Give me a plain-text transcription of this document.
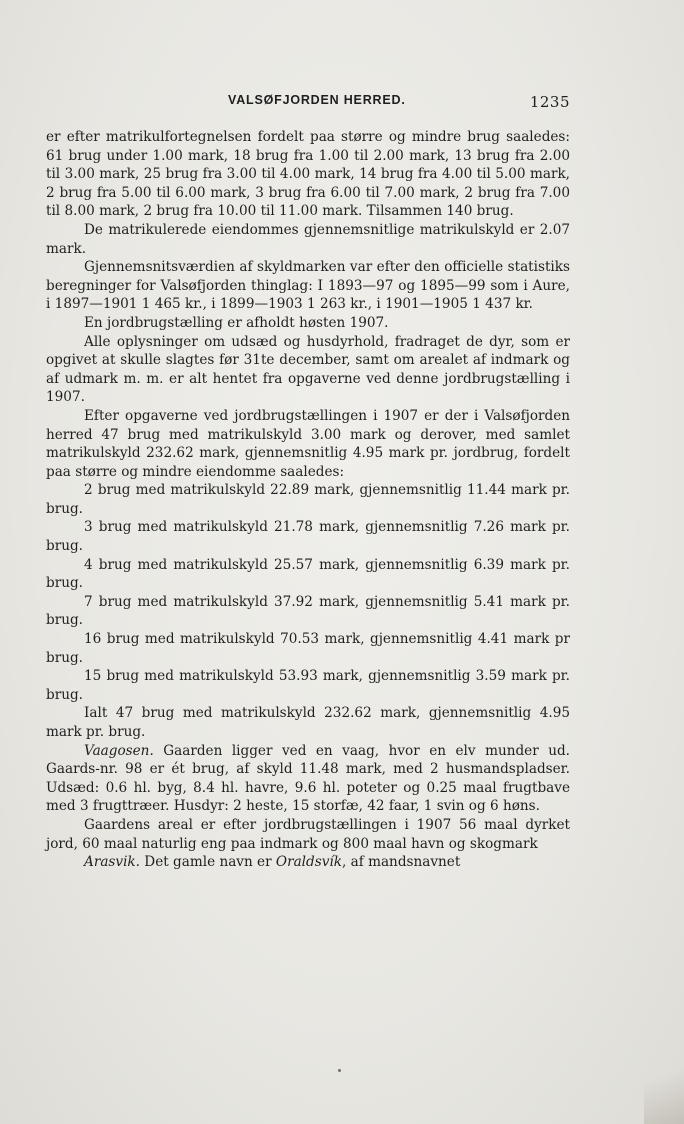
VALSØFJORDEN HERRED.	1235

er efter matrikulfortegnelsen fordelt paa større og mindre brug saaledes: 61 brug under 1.00 mark, 18 brug fra 1.00 til 2.00 mark, 13 brug fra 2.00 til 3.00 mark, 25 brug fra 3.00 til 4.00 mark, 14 brug fra 4.00 til 5.00 mark, 2 brug fra 5.00 til 6.00 mark, 3 brug fra 6.00 til 7.00 mark, 2 brug fra 7.00 til 8.00 mark, 2 brug fra 10.00 til 11.00 mark. Tilsammen 140 brug.

De matrikulerede eiendommes gjennemsnitlige matrikulskyld er 2.07 mark.

Gjennemsnitsværdien af skyldmarken var efter den officielle statistiks beregninger for Valsøfjorden thinglag: I 1893—97 og 1895—99 som i Aure, i 1897—1901 1 465 kr., i 1899—1903 1 263 kr., i 1901—1905 1 437 kr.

En jordbrugstælling er afholdt høsten 1907.

Alle oplysninger om udsæd og husdyrhold, fradraget de dyr, som er opgivet at skulle slagtes før 31te december, samt om arealet af indmark og af udmark m. m. er alt hentet fra opgaverne ved denne jordbrugstælling i 1907.

Efter opgaverne ved jordbrugstællingen i 1907 er der i Valsøfjorden herred 47 brug med matrikulskyld 3.00 mark og derover, med samlet matrikulskyld 232.62 mark, gjennemsnitlig 4.95 mark pr. jordbrug, fordelt paa større og mindre eiendomme saaledes:

2 brug med matrikulskyld 22.89 mark, gjennemsnitlig 11.44 mark pr. brug.

3 brug med matrikulskyld 21.78 mark, gjennemsnitlig 7.26 mark pr. brug.

4 brug med matrikulskyld 25.57 mark, gjennemsnitlig 6.39 mark pr. brug.

7 brug med matrikulskyld 37.92 mark, gjennemsnitlig 5.41 mark pr. brug.

16 brug med matrikulskyld 70.53 mark, gjennemsnitlig 4.41 mark pr brug.

15 brug med matrikulskyld 53.93 mark, gjennemsnitlig 3.59 mark pr. brug.

Ialt 47 brug med matrikulskyld 232.62 mark, gjennemsnitlig 4.95 mark pr. brug.

Vaagosen. Gaarden ligger ved en vaag, hvor en elv munder ud. Gaards-nr. 98 er ét brug, af skyld 11.48 mark, med 2 husmandspladser. Udsæd: 0.6 hl. byg, 8.4 hl. havre, 9.6 hl. poteter og 0.25 maal frugtbave med 3 frugttræer. Husdyr: 2 heste, 15 storfæ, 42 faar, 1 svin og 6 høns.

Gaardens areal er efter jordbrugstællingen i 1907 56 maal dyrket jord, 60 maal naturlig eng paa indmark og 800 maal havn og skogmark

Arasvik. Det gamle navn er Oraldsvík, af mandsnavnet
